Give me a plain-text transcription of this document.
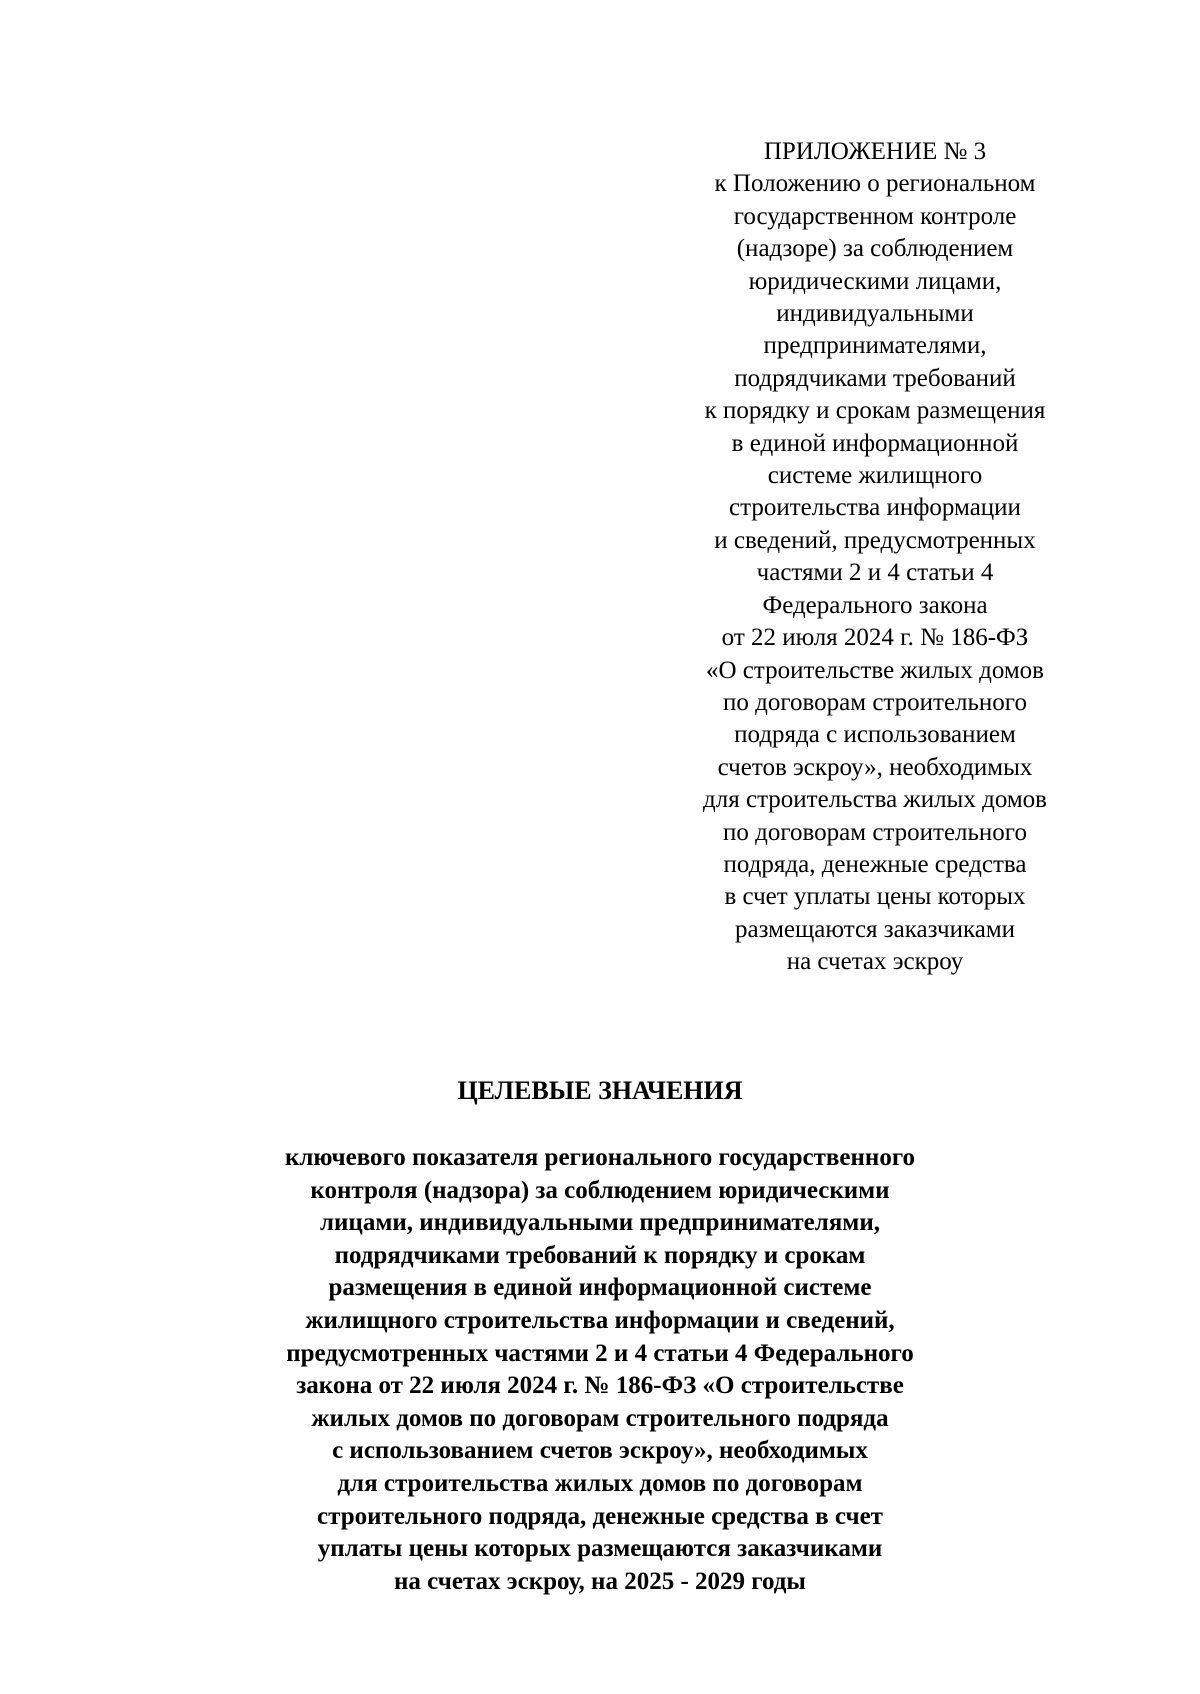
ПРИЛОЖЕНИЕ № 3
к Положению о региональном
государственном контроле
(надзоре) за соблюдением
юридическими лицами,
индивидуальными
предпринимателями,
подрядчиками требований
к порядку и срокам размещения
в единой информационной
системе жилищного
строительства информации
и сведений, предусмотренных
частями 2 и 4 статьи 4
Федерального закона
от 22 июля 2024 г. № 186-ФЗ
«О строительстве жилых домов
по договорам строительного
подряда с использованием
счетов эскроу», необходимых
для строительства жилых домов
по договорам строительного
подряда, денежные средства
в счет уплаты цены которых
размещаются заказчиками
на счетах эскроу
ЦЕЛЕВЫЕ ЗНАЧЕНИЯ
ключевого показателя регионального государственного
контроля (надзора) за соблюдением юридическими
лицами, индивидуальными предпринимателями,
подрядчиками требований к порядку и срокам
размещения в единой информационной системе
жилищного строительства информации и сведений,
предусмотренных частями 2 и 4 статьи 4 Федерального
закона от 22 июля 2024 г. № 186-ФЗ «О строительстве
жилых домов по договорам строительного подряда
с использованием счетов эскроу», необходимых
для строительства жилых домов по договорам
строительного подряда, денежные средства в счет
уплаты цены которых размещаются заказчиками
на счетах эскроу, на 2025 - 2029 годы
